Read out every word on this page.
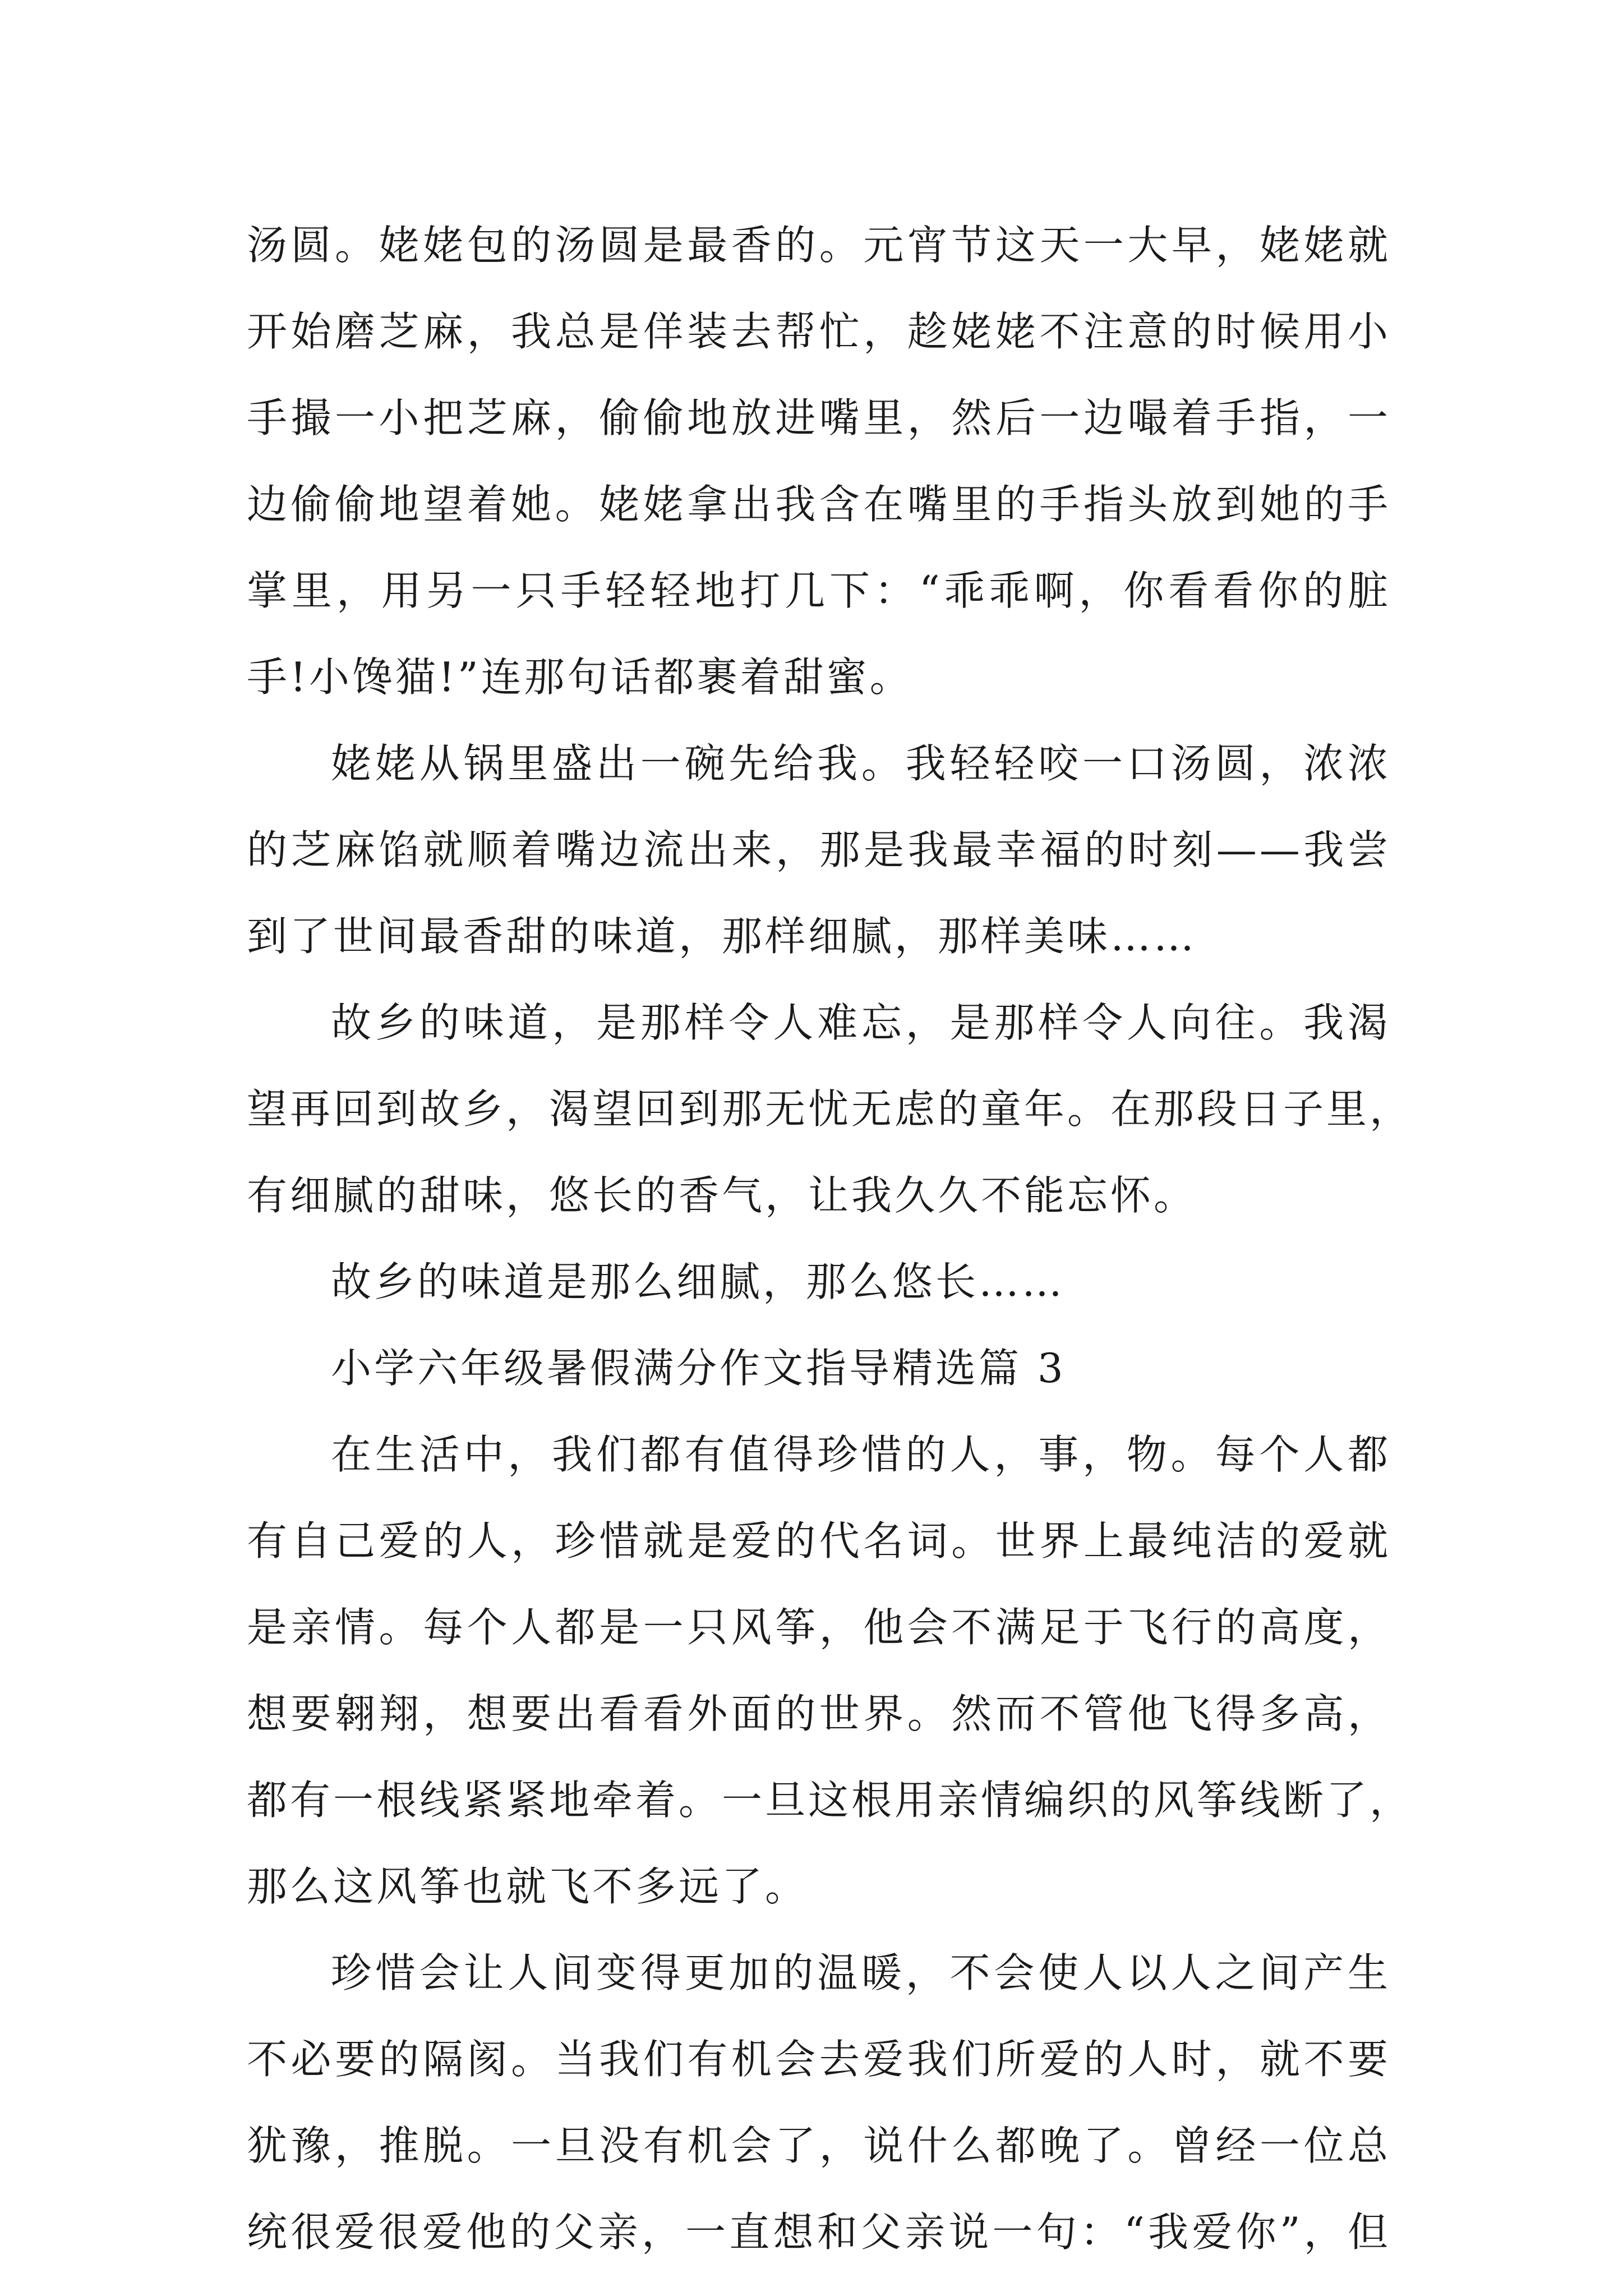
汤圆。姥姥包的汤圆是最香的。元宵节这天一大早，姥姥就
开始磨芝麻，我总是佯装去帮忙，趁姥姥不注意的时候用小
手撮一小把芝麻，偷偷地放进嘴里，然后一边嘬着手指，一
边偷偷地望着她。姥姥拿出我含在嘴里的手指头放到她的手
掌里，用另一只手轻轻地打几下：“乖乖啊，你看看你的脏
手!小馋猫!”连那句话都裹着甜蜜。
姥姥从锅里盛出一碗先给我。我轻轻咬一口汤圆，浓浓
的芝麻馅就顺着嘴边流出来，那是我最幸福的时刻——我尝
到了世间最香甜的味道，那样细腻，那样美味……
故乡的味道，是那样令人难忘，是那样令人向往。我渴
望再回到故乡，渴望回到那无忧无虑的童年。在那段日子里，
有细腻的甜味，悠长的香气，让我久久不能忘怀。
故乡的味道是那么细腻，那么悠长……
小学六年级暑假满分作文指导精选篇 3
在生活中，我们都有值得珍惜的人，事，物。每个人都
有自己爱的人，珍惜就是爱的代名词。世界上最纯洁的爱就
是亲情。每个人都是一只风筝，他会不满足于飞行的高度，
想要翱翔，想要出看看外面的世界。然而不管他飞得多高，
都有一根线紧紧地牵着。一旦这根用亲情编织的风筝线断了，
那么这风筝也就飞不多远了。
珍惜会让人间变得更加的温暖，不会使人以人之间产生
不必要的隔阂。当我们有机会去爱我们所爱的人时，就不要
犹豫，推脱。一旦没有机会了，说什么都晚了。曾经一位总
统很爱很爱他的父亲，一直想和父亲说一句：“我爱你”，但
